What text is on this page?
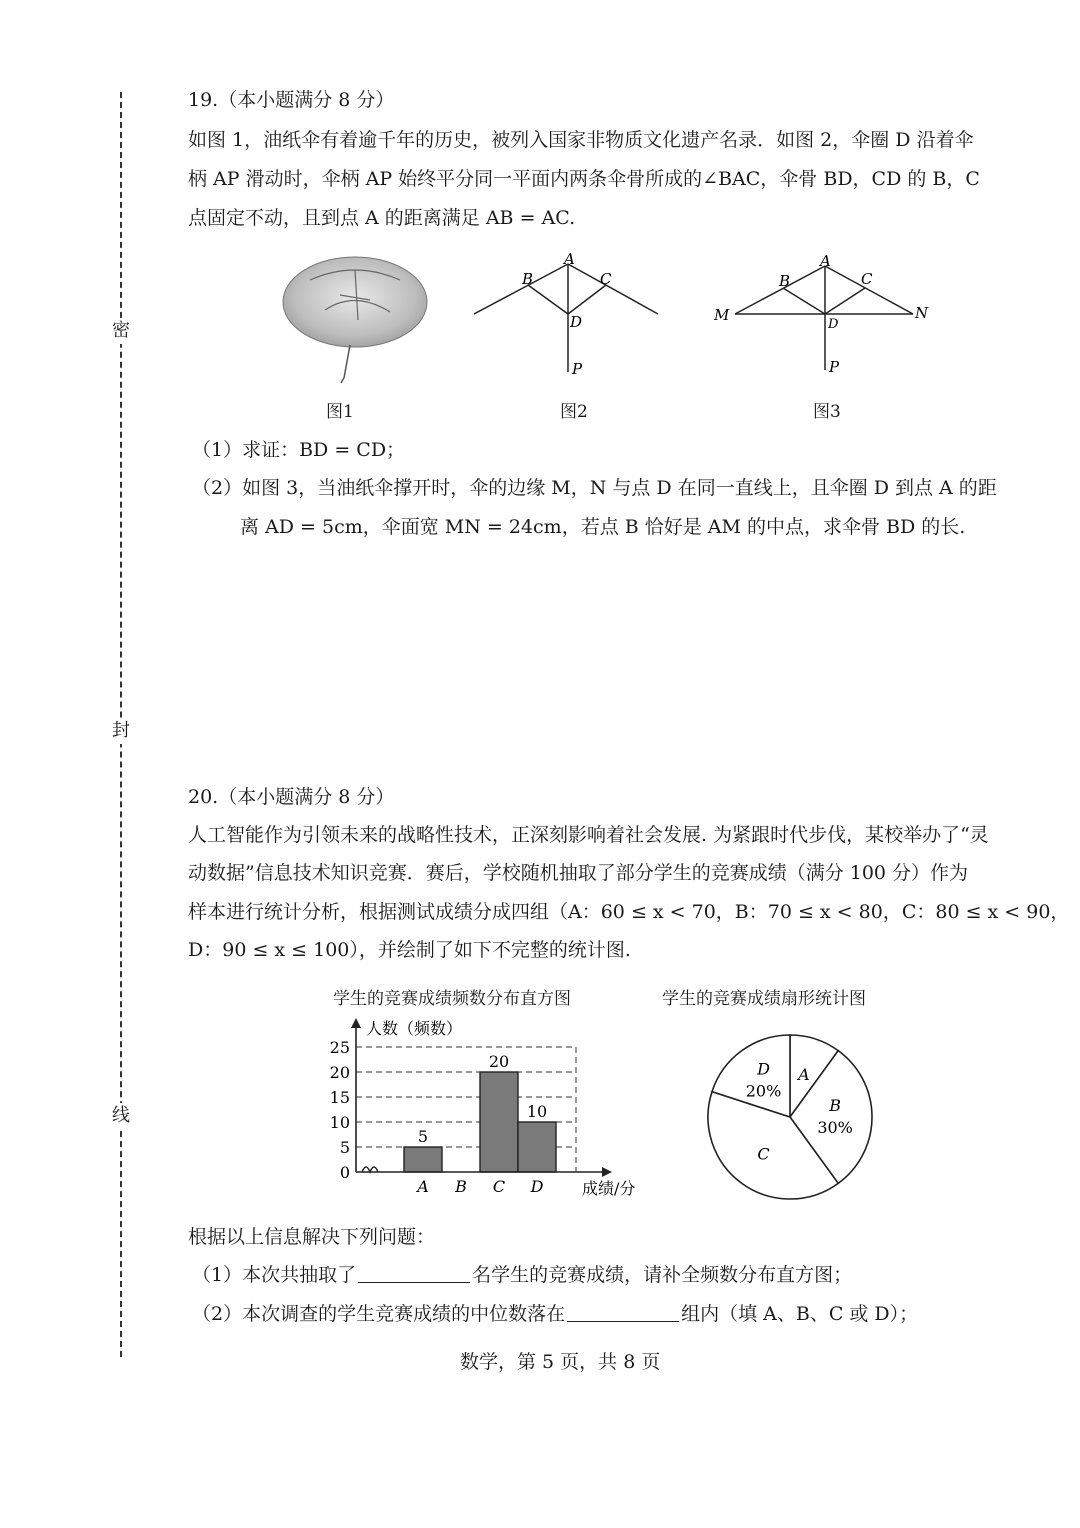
密
封
线
19.（本小题满分 8 分）
如图 1，油纸伞有着逾千年的历史，被列入国家非物质文化遗产名录．如图 2，伞圈 D 沿着伞
柄 AP 滑动时，伞柄 AP 始终平分同一平面内两条伞骨所成的∠BAC，伞骨 BD，CD 的 B，C
点固定不动，且到点 A 的距离满足 AB = AC.
图1
A
B	C
D
P
图2
A
B	C
D
M	N
P
图3
（1）求证：BD = CD；
（2）如图 3，当油纸伞撑开时，伞的边缘 M，N 与点 D 在同一直线上，且伞圈 D 到点 A 的距
离 AD = 5cm，伞面宽 MN = 24cm，若点 B 恰好是 AM 的中点，求伞骨 BD 的长.
20.（本小题满分 8 分）
人工智能作为引领未来的战略性技术，正深刻影响着社会发展. 为紧跟时代步伐，某校举办了“灵
动数据”信息技术知识竞赛．赛后，学校随机抽取了部分学生的竞赛成绩（满分 100 分）作为
样本进行统计分析，根据测试成绩分成四组（A：60 ≤ x < 70，B：70 ≤ x < 80，C：80 ≤ x < 90，
D：90 ≤ x ≤ 100），并绘制了如下不完整的统计图.
学生的竞赛成绩频数分布直方图
0
5
10
15
20
25
A B C D
5
20
10
人数（频数）
成绩/分
学生的竞赛成绩扇形统计图
A
B
30%
C
D
20%
根据以上信息解决下列问题：
（1）本次共抽取了	名学生的竞赛成绩，请补全频数分布直方图；
（2）本次调查的学生竞赛成绩的中位数落在	组内（填 A、B、C 或 D）；
数学，第 5 页，共 8 页
